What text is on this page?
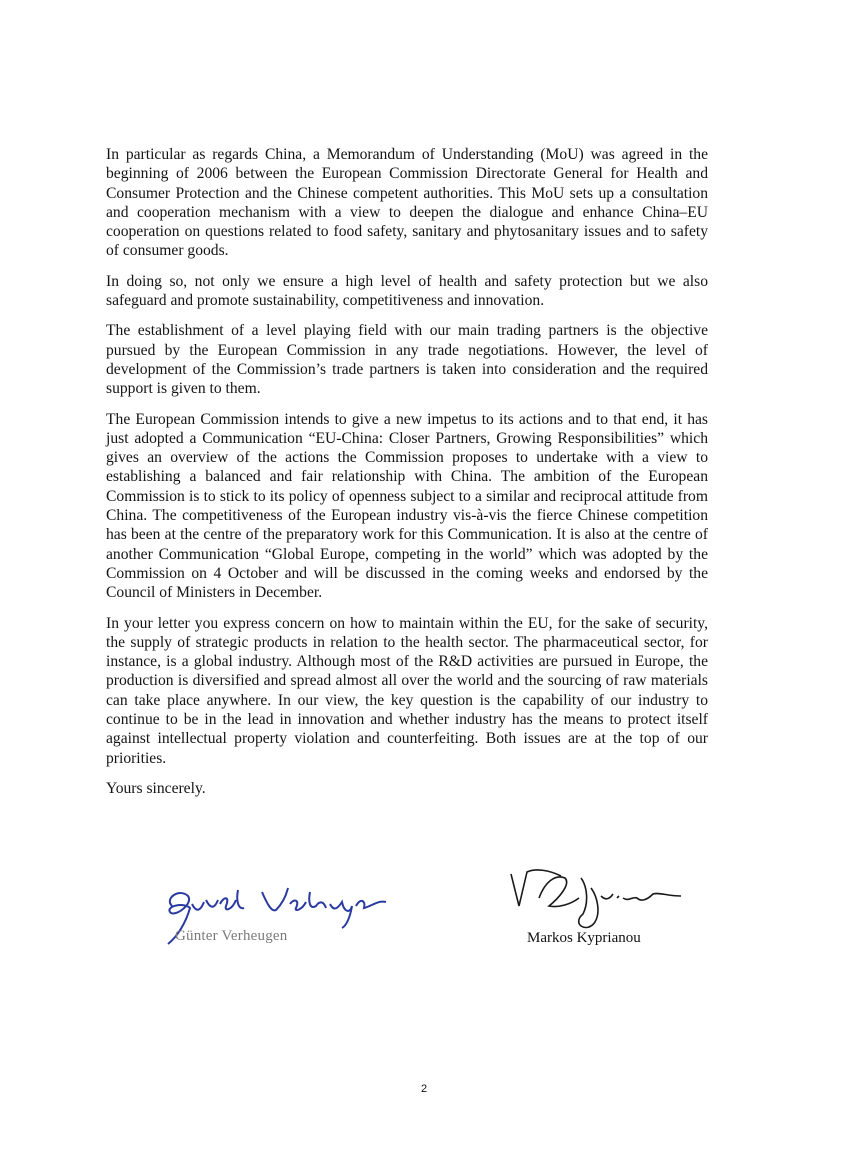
In particular as regards China, a Memorandum of Understanding (MoU) was agreed in the beginning of 2006 between the European Commission Directorate General for Health and Consumer Protection and the Chinese competent authorities. This MoU sets up a consultation and cooperation mechanism with a view to deepen the dialogue and enhance China–EU cooperation on questions related to food safety, sanitary and phytosanitary issues and to safety of consumer goods.

In doing so, not only we ensure a high level of health and safety protection but we also safeguard and promote sustainability, competitiveness and innovation.

The establishment of a level playing field with our main trading partners is the objective pursued by the European Commission in any trade negotiations. However, the level of development of the Commission’s trade partners is taken into consideration and the required support is given to them.

The European Commission intends to give a new impetus to its actions and to that end, it has just adopted a Communication “EU-China: Closer Partners, Growing Responsibilities” which gives an overview of the actions the Commission proposes to undertake with a view to establishing a balanced and fair relationship with China. The ambition of the European Commission is to stick to its policy of openness subject to a similar and reciprocal attitude from China. The competitiveness of the European industry vis-à-vis the fierce Chinese competition has been at the centre of the preparatory work for this Communication. It is also at the centre of another Communication “Global Europe, competing in the world” which was adopted by the Commission on 4 October and will be discussed in the coming weeks and endorsed by the Council of Ministers in December.

In your letter you express concern on how to maintain within the EU, for the sake of security, the supply of strategic products in relation to the health sector. The pharmaceutical sector, for instance, is a global industry. Although most of the R&D activities are pursued in Europe, the production is diversified and spread almost all over the world and the sourcing of raw materials can take place anywhere. In our view, the key question is the capability of our industry to continue to be in the lead in innovation and whether industry has the means to protect itself against intellectual property violation and counterfeiting. Both issues are at the top of our priorities.

Yours sincerely.

Günter Verheugen	Markos Kyprianou
2
